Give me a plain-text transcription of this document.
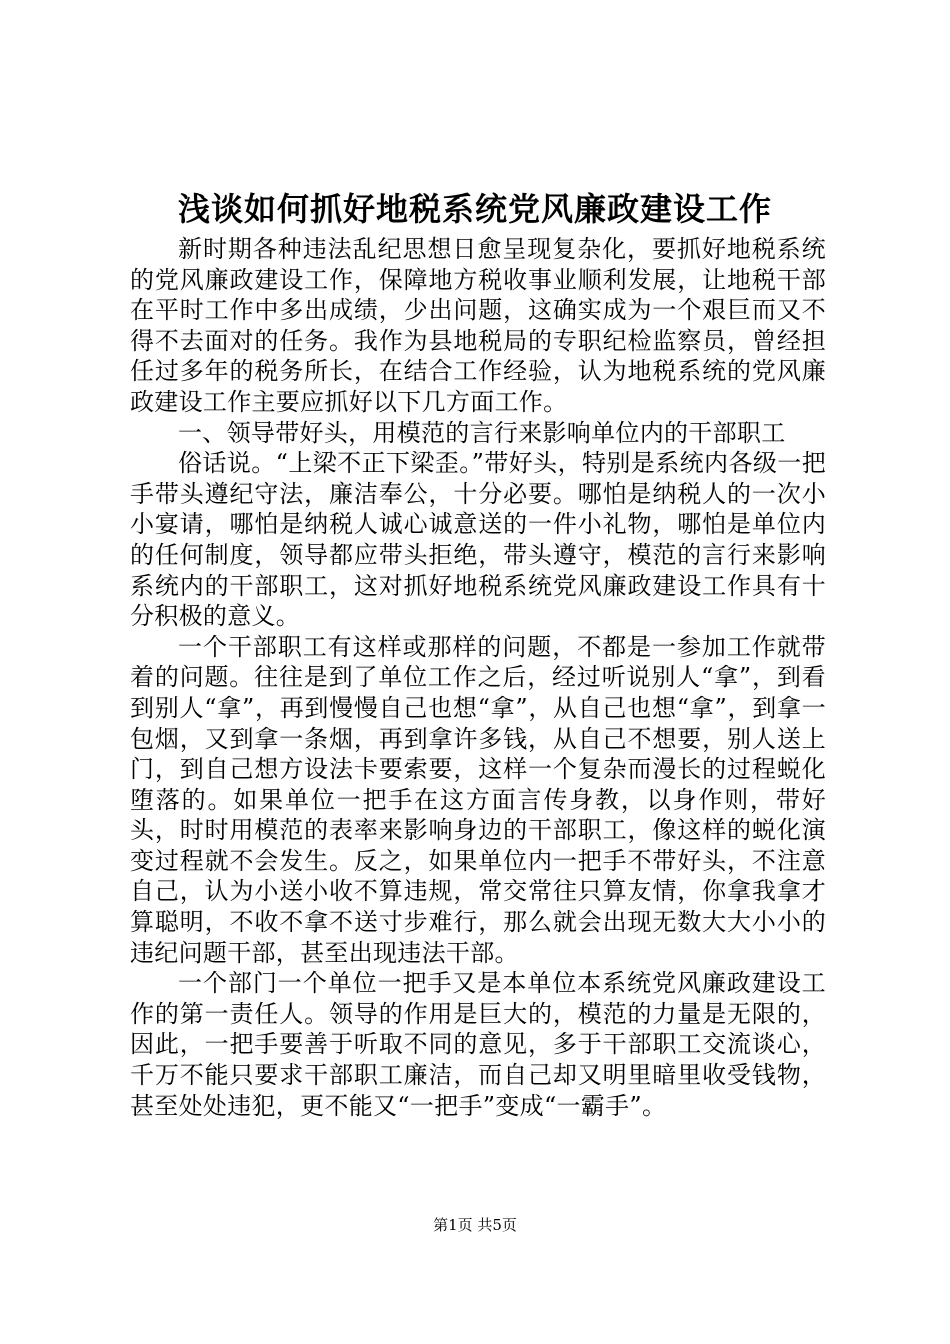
浅谈如何抓好地税系统党风廉政建设工作

新时期各种违法乱纪思想日愈呈现复杂化，要抓好地税系统的党风廉政建设工作，保障地方税收事业顺利发展，让地税干部在平时工作中多出成绩，少出问题，这确实成为一个艰巨而又不得不去面对的任务。我作为县地税局的专职纪检监察员，曾经担任过多年的税务所长，在结合工作经验，认为地税系统的党风廉政建设工作主要应抓好以下几方面工作。

一、领导带好头，用模范的言行来影响单位内的干部职工

俗话说。“上梁不正下梁歪。”带好头，特别是系统内各级一把手带头遵纪守法，廉洁奉公，十分必要。哪怕是纳税人的一次小小宴请，哪怕是纳税人诚心诚意送的一件小礼物，哪怕是单位内的任何制度，领导都应带头拒绝，带头遵守，模范的言行来影响系统内的干部职工，这对抓好地税系统党风廉政建设工作具有十分积极的意义。

一个干部职工有这样或那样的问题，不都是一参加工作就带着的问题。往往是到了单位工作之后，经过听说别人“拿”，到看到别人“拿”，再到慢慢自己也想“拿”，从自己也想“拿”，到拿一包烟，又到拿一条烟，再到拿许多钱，从自己不想要，别人送上门，到自己想方设法卡要索要，这样一个复杂而漫长的过程蜕化堕落的。如果单位一把手在这方面言传身教，以身作则，带好头，时时用模范的表率来影响身边的干部职工，像这样的蜕化演变过程就不会发生。反之，如果单位内一把手不带好头，不注意自己，认为小送小收不算违规，常交常往只算友情，你拿我拿才算聪明，不收不拿不送寸步难行，那么就会出现无数大大小小的违纪问题干部，甚至出现违法干部。

一个部门一个单位一把手又是本单位本系统党风廉政建设工作的第一责任人。领导的作用是巨大的，模范的力量是无限的，因此，一把手要善于听取不同的意见，多于干部职工交流谈心，千万不能只要求干部职工廉洁，而自己却又明里暗里收受钱物，甚至处处违犯，更不能又“一把手”变成“一霸手”。

第1页 共5页
